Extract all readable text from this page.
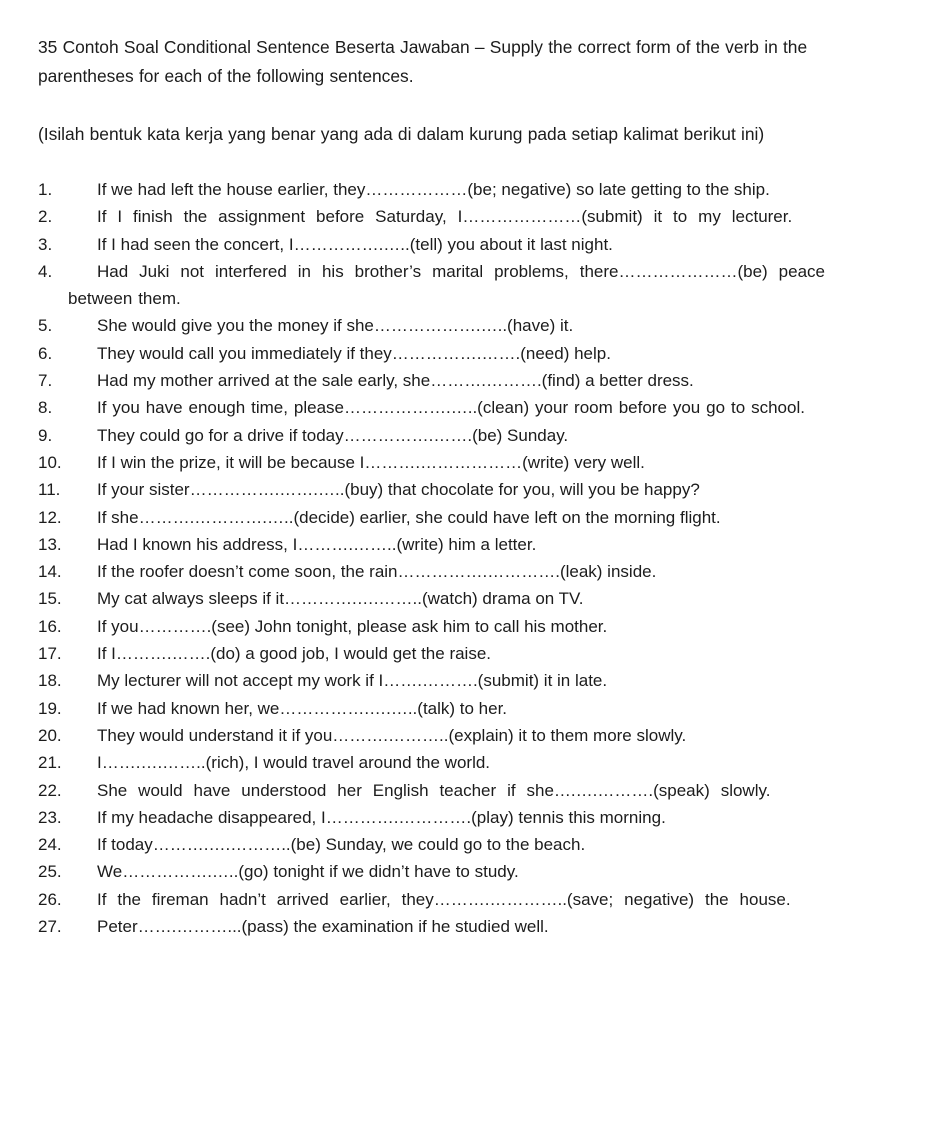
35 Contoh Soal Conditional Sentence Beserta Jawaban – Supply the correct form of the verb in the parentheses for each of the following sentences.

(Isilah bentuk kata kerja yang benar yang ada di dalam kurung pada setiap kalimat berikut ini)

1.	If we had left the house earlier, they………………(be; negative) so late getting to the ship.
2.	If I finish the assignment before Saturday, I…………………(submit) it to my lecturer.
3.	If I had seen the concert, I…………….…..(tell) you about it last night.
4.	Had Juki not interfered in his brother’s marital problems, there…………………(be) peace between them.
5.	She would give you the money if she……………….…..(have) it.
6.	They would call you immediately if they…………….…….(need) help.
7.	Had my mother arrived at the sale early, she……….……….(find) a better dress.
8.	If you have enough time, please……………….…..(clean) your room before you go to school.
9.	They could go for a drive if today…………….…….(be) Sunday.
10.	If I win the prize, it will be because I……….………………(write) very well.
11.	If your sister…………….…….…..(buy) that chocolate for you, will you be happy?
12.	If she……….………….…..(decide) earlier, she could have left on the morning flight.
13.	Had I known his address, I……….……..(write) him a letter.
14.	If the roofer doesn’t come soon, the rain…………….………….(leak) inside.
15.	My cat always sleeps if it………….….……..(watch) drama on TV.
16.	If you………….(see) John tonight, please ask him to call his mother.
17.	If I……….…….(do) a good job, I would get the raise.
18.	My lecturer will not accept my work if I…….……….(submit) it in late.
19.	If we had known her, we…………….….…..(talk) to her.
20.	They would understand it if you……….………..(explain) it to them more slowly.
21.	I…….….……..(rich), I would travel around the world.
22.	She would have understood her English teacher if she….….……….(speak) slowly.
23.	If my headache disappeared, I………….………….(play) tennis this morning.
24.	If today……….….………..(be) Sunday, we could go to the beach.
25.	We…………….…..(go) tonight if we didn’t have to study.
26.	If the fireman hadn’t arrived earlier, they……….…………..(save; negative) the house.
27.	Peter…….………...(pass) the examination if he studied well.
